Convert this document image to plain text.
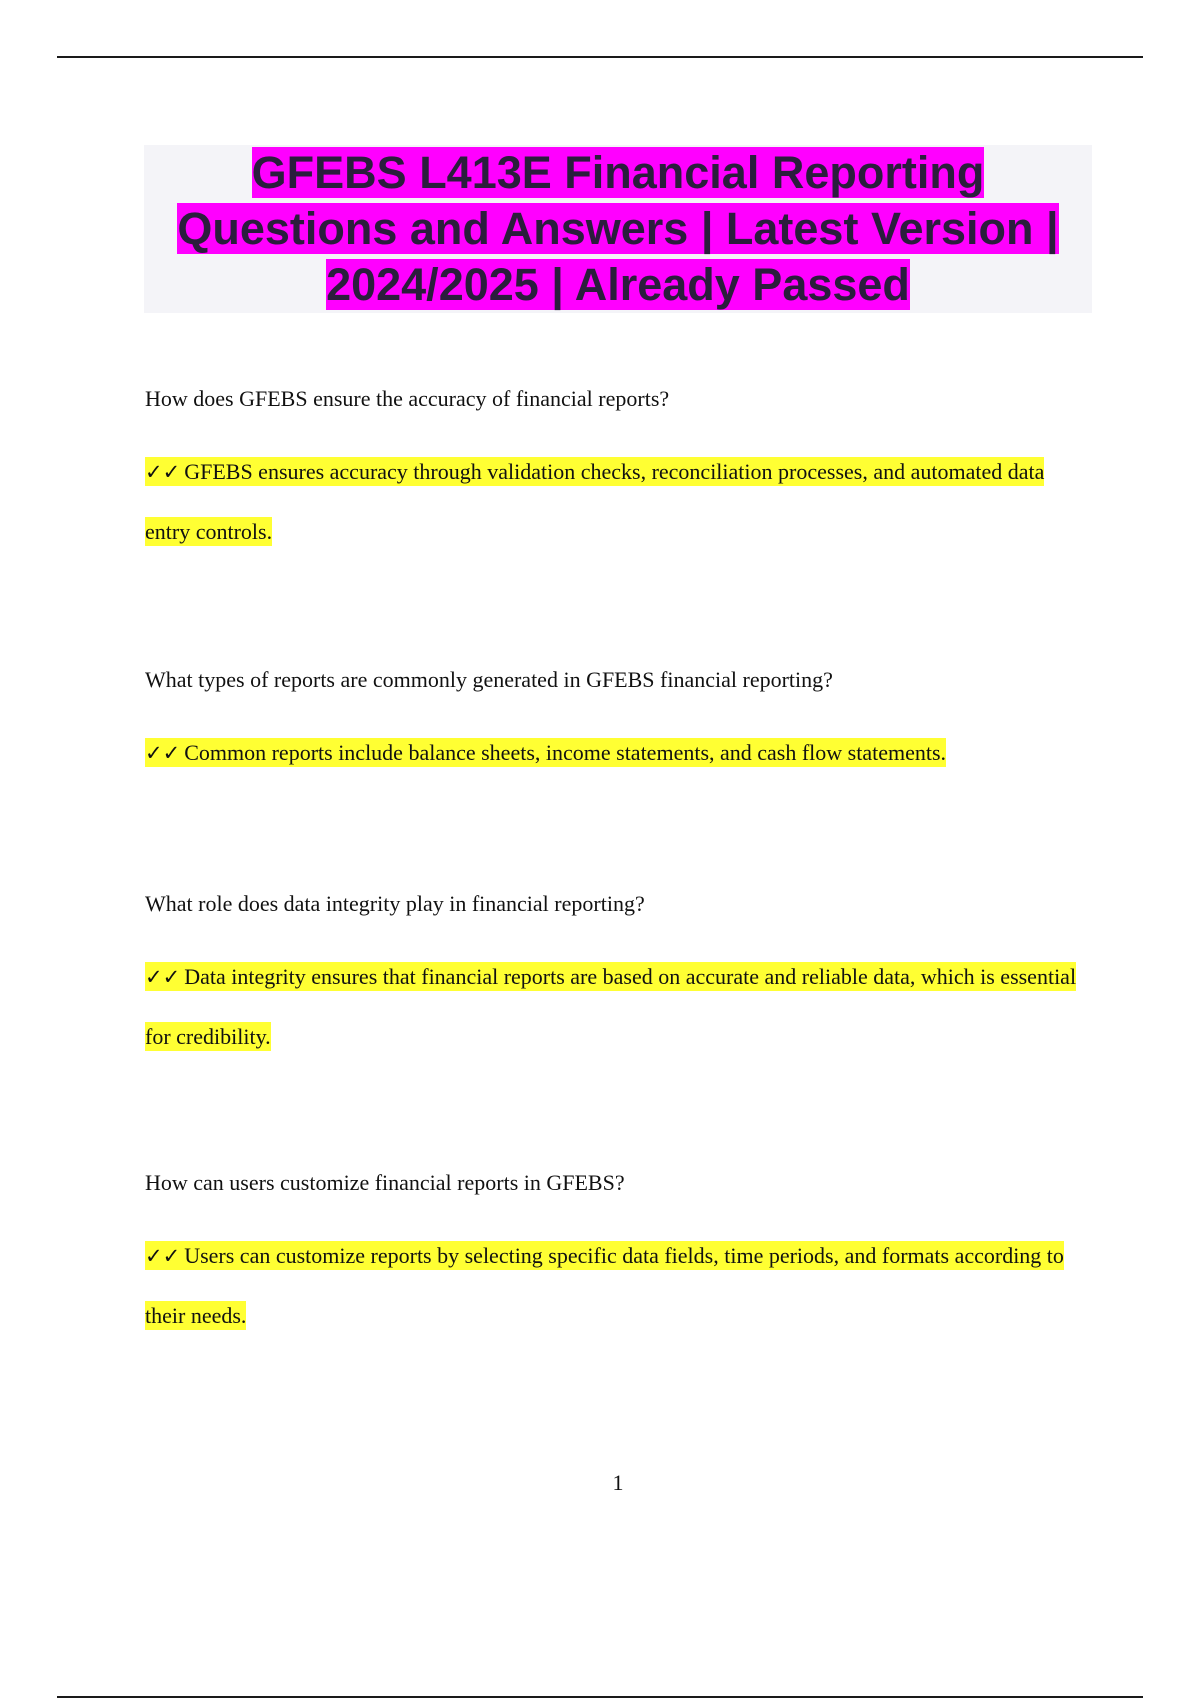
GFEBS L413E Financial Reporting Questions and Answers | Latest Version | 2024/2025 | Already Passed

How does GFEBS ensure the accuracy of financial reports?

✓✓ GFEBS ensures accuracy through validation checks, reconciliation processes, and automated data entry controls.

What types of reports are commonly generated in GFEBS financial reporting?

✓✓ Common reports include balance sheets, income statements, and cash flow statements.

What role does data integrity play in financial reporting?

✓✓ Data integrity ensures that financial reports are based on accurate and reliable data, which is essential for credibility.

How can users customize financial reports in GFEBS?

✓✓ Users can customize reports by selecting specific data fields, time periods, and formats according to their needs.

1
